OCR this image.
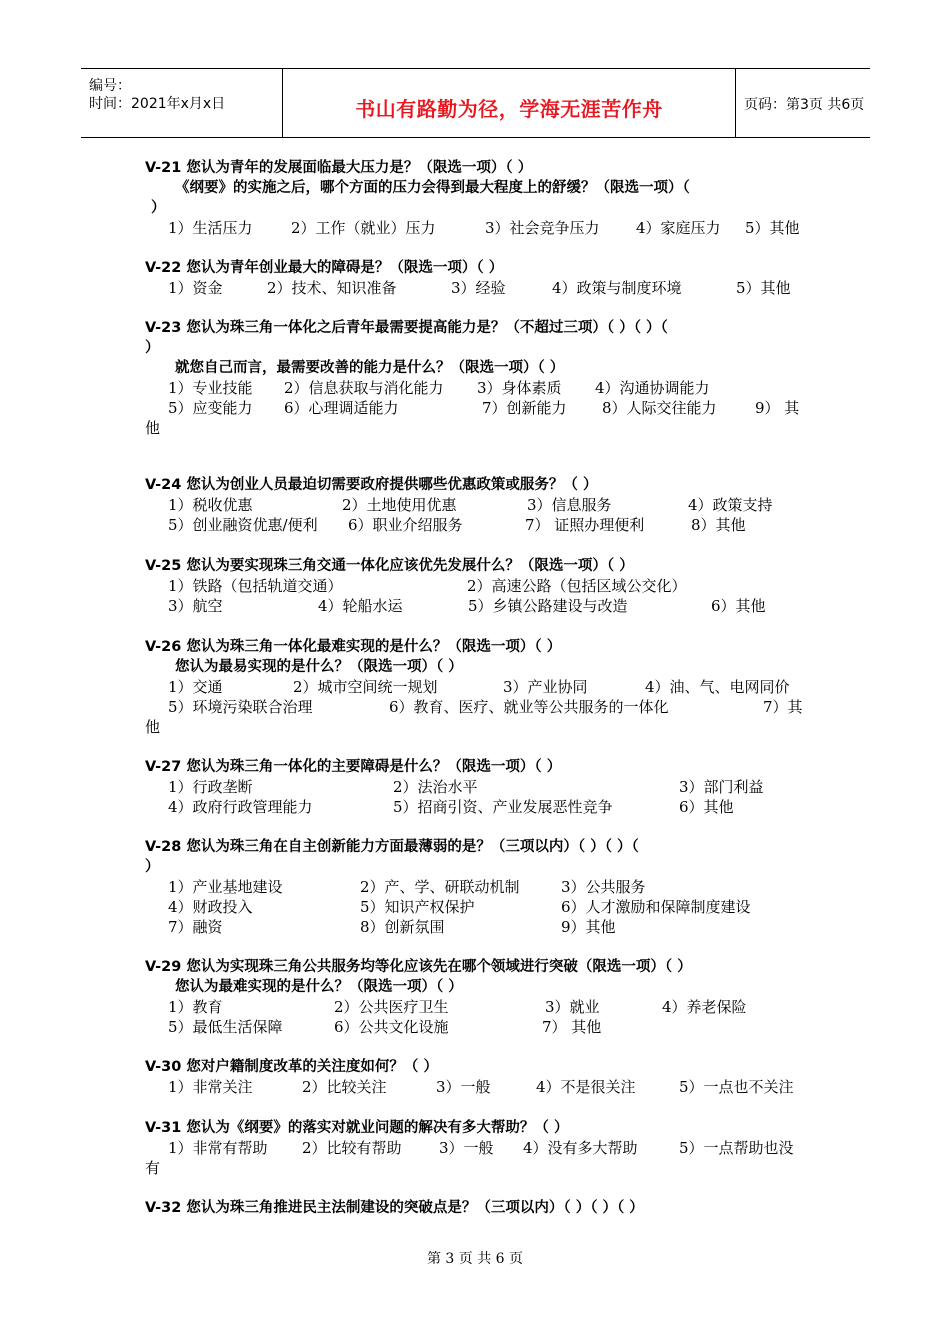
编号：
时间：2021年x月x日	书山有路勤为径，学海无涯苦作舟	页码：第3页 共6页
V-21 您认为青年的发展面临最大压力是？（限选一项）（ ）
《纲要》的实施之后，哪个方面的压力会得到最大程度上的舒缓？（限选一项）（
）
1）生活压力	2）工作（就业）压力	3）社会竞争压力 4）家庭压力 5）其他
V-22 您认为青年创业最大的障碍是？（限选一项）（ ）
1）资金	2）技术、知识准备	3）经验	4）政策与制度环境	5）其他
V-23 您认为珠三角一体化之后青年最需要提高能力是？（不超过三项）（ ）（ ）（
）
就您自己而言，最需要改善的能力是什么？（限选一项）（ ）
1）专业技能 2）信息获取与消化能力 3）身体素质 4）沟通协调能力
5）应变能力 6）心理调适能力	7）创新能力 8）人际交往能力	9） 其
他
V-24 您认为创业人员最迫切需要政府提供哪些优惠政策或服务？（ ）
1）税收优惠	2）土地使用优惠	3）信息服务	4）政策支持
5）创业融资优惠/便利 6）职业介绍服务	7） 证照办理便利	8）其他
V-25 您认为要实现珠三角交通一体化应该优先发展什么？（限选一项）（ ）
1）铁路（包括轨道交通）	2）高速公路（包括区域公交化）
3）航空	4）轮船水运	5）乡镇公路建设与改造	6）其他
V-26 您认为珠三角一体化最难实现的是什么？（限选一项）（ ）
您认为最易实现的是什么？（限选一项）（ ）
1）交通	2）城市空间统一规划	3）产业协同	4）油、气、电网同价
5）环境污染联合治理	6）教育、医疗、就业等公共服务的一体化	7）其
他
V-27 您认为珠三角一体化的主要障碍是什么？（限选一项）（ ）
1）行政垄断	2）法治水平	3）部门利益
4）政府行政管理能力	5）招商引资、产业发展恶性竞争	6）其他
V-28 您认为珠三角在自主创新能力方面最薄弱的是？（三项以内）（ ）（ ）（
）
1）产业基地建设	2）产、学、研联动机制	3）公共服务
4）财政投入	5）知识产权保护	6）人才激励和保障制度建设
7）融资	8）创新氛围	9）其他
V-29 您认为实现珠三角公共服务均等化应该先在哪个领域进行突破（限选一项）（ ）
您认为最难实现的是什么？（限选一项）（ ）
1）教育	2）公共医疗卫生	3）就业	4）养老保险
5）最低生活保障	6）公共文化设施	7） 其他
V-30 您对户籍制度改革的关注度如何？（ ）
1）非常关注	2）比较关注	3）一般	4）不是很关注	5）一点也不关注
V-31 您认为《纲要》的落实对就业问题的解决有多大帮助？（ ）
1）非常有帮助 2）比较有帮助 3）一般 4）没有多大帮助	5）一点帮助也没
有
V-32 您认为珠三角推进民主法制建设的突破点是？（三项以内）（ ）（ ）（ ）
第 3 页 共 6 页
